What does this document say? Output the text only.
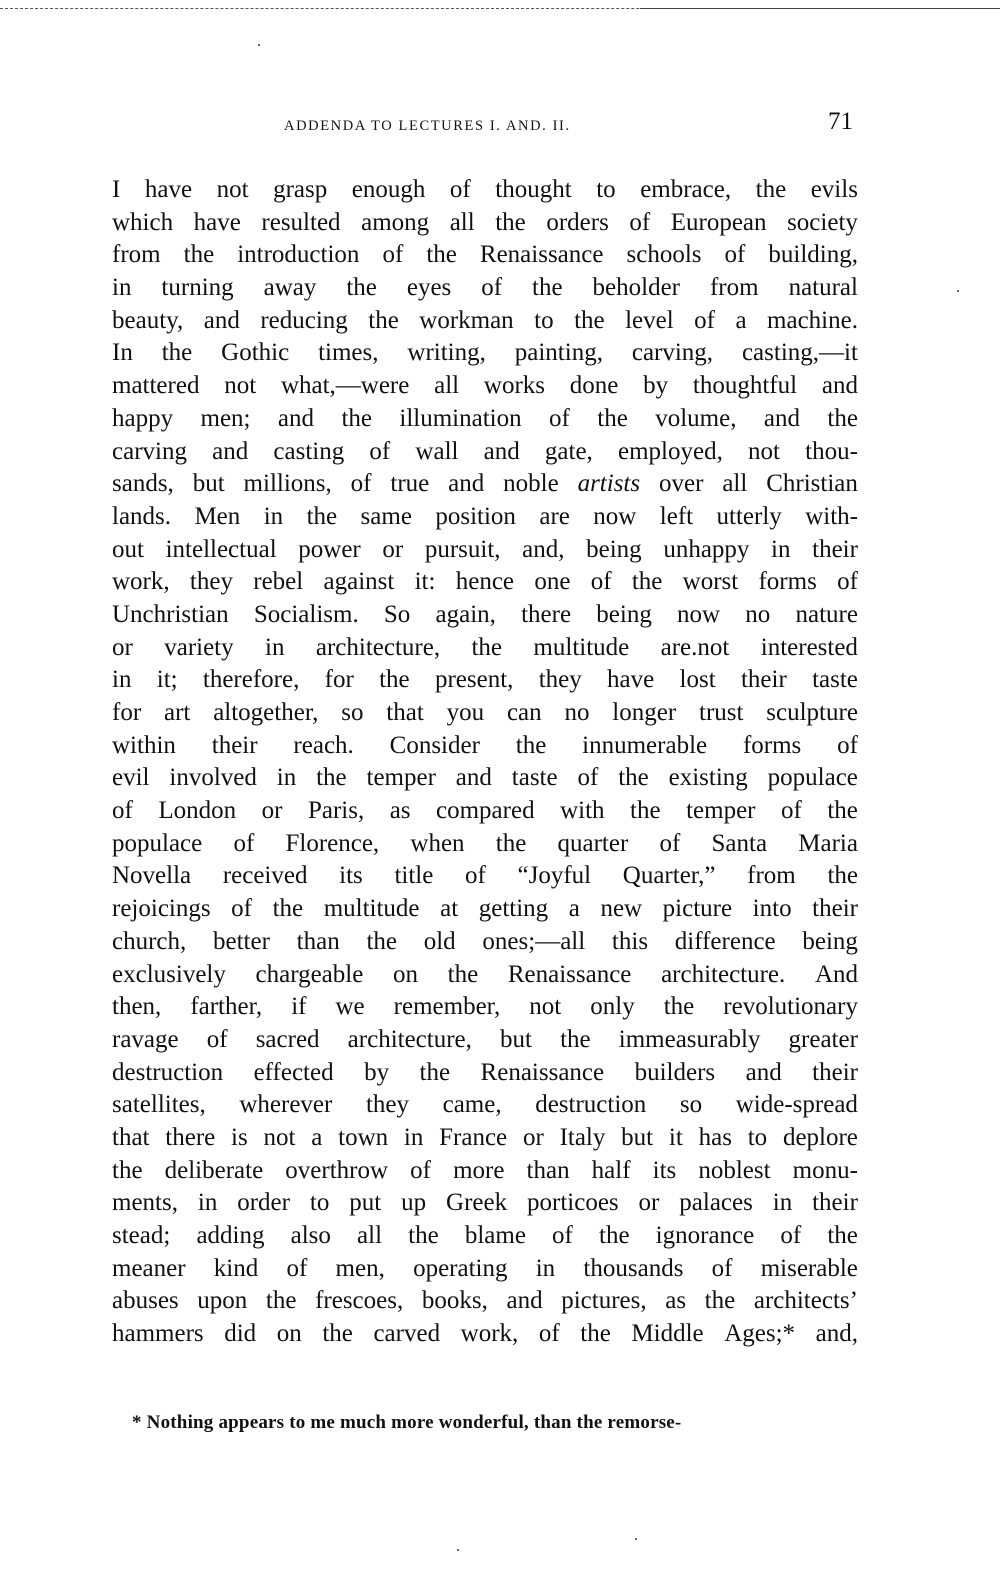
ADDENDA TO LECTURES I. AND. II.	71
I have not grasp enough of thought to embrace, the evils
which have resulted among all the orders of European society
from the introduction of the Renaissance schools of building,
in turning away the eyes of the beholder from natural
beauty, and reducing the workman to the level of a machine.
In the Gothic times, writing, painting, carving, casting,—it
mattered not what,—were all works done by thoughtful and
happy men; and the illumination of the volume, and the
carving and casting of wall and gate, employed, not thou-
sands, but millions, of true and noble artists over all Christian
lands. Men in the same position are now left utterly with-
out intellectual power or pursuit, and, being unhappy in their
work, they rebel against it: hence one of the worst forms of
Unchristian Socialism. So again, there being now no nature
or variety in architecture, the multitude are.not interested
in it; therefore, for the present, they have lost their taste
for art altogether, so that you can no longer trust sculpture
within their reach. Consider the innumerable forms of
evil involved in the temper and taste of the existing populace
of London or Paris, as compared with the temper of the
populace of Florence, when the quarter of Santa Maria
Novella received its title of “Joyful Quarter,” from the
rejoicings of the multitude at getting a new picture into their
church, better than the old ones;—all this difference being
exclusively chargeable on the Renaissance architecture. And
then, farther, if we remember, not only the revolutionary
ravage of sacred architecture, but the immeasurably greater
destruction effected by the Renaissance builders and their
satellites, wherever they came, destruction so wide-spread
that there is not a town in France or Italy but it has to deplore
the deliberate overthrow of more than half its noblest monu-
ments, in order to put up Greek porticoes or palaces in their
stead; adding also all the blame of the ignorance of the
meaner kind of men, operating in thousands of miserable
abuses upon the frescoes, books, and pictures, as the architects’
hammers did on the carved work, of the Middle Ages;* and,
* Nothing appears to me much more wonderful, than the remorse-
